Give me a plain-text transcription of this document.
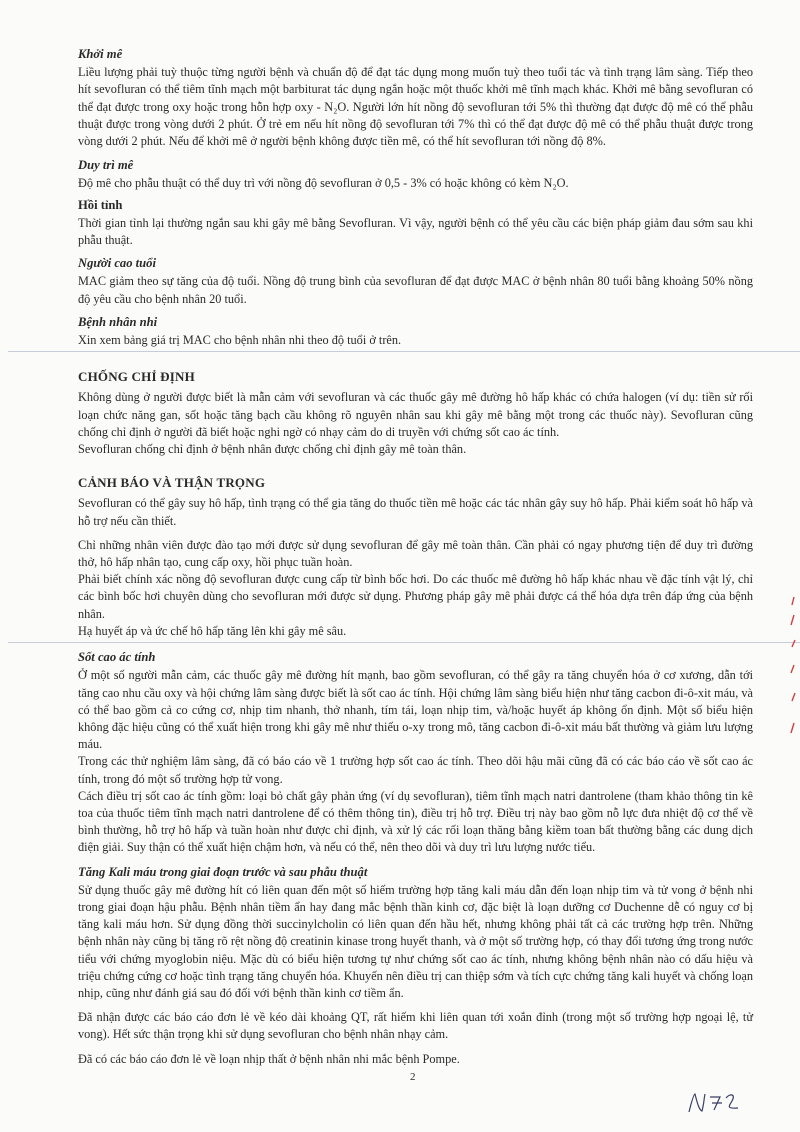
Khởi mê

Liều lượng phải tuỳ thuộc từng người bệnh và chuẩn độ để đạt tác dụng mong muốn tuỳ theo tuổi tác và tình trạng lâm sàng. Tiếp theo hít sevofluran có thể tiêm tĩnh mạch một barbiturat tác dụng ngắn hoặc một thuốc khởi mê tĩnh mạch khác. Khởi mê bằng sevofluran có thể đạt được trong oxy hoặc trong hỗn hợp oxy - N₂O. Người lớn hít nồng độ sevofluran tới 5% thì thường đạt được độ mê có thể phẫu thuật được trong vòng dưới 2 phút. Ở trẻ em nếu hít nồng độ sevofluran tới 7% thì có thể đạt được độ mê có thể phẫu thuật được trong vòng dưới 2 phút. Nếu để khởi mê ở người bệnh không được tiền mê, có thể hít sevofluran tới nồng độ 8%.

Duy trì mê

Độ mê cho phẫu thuật có thể duy trì với nồng độ sevofluran ở 0,5 - 3% có hoặc không có kèm N₂O.

Hồi tỉnh

Thời gian tỉnh lại thường ngắn sau khi gây mê bằng Sevofluran. Vì vậy, người bệnh có thể yêu cầu các biện pháp giảm đau sớm sau khi phẫu thuật.

Người cao tuổi

MAC giảm theo sự tăng của độ tuổi. Nồng độ trung bình của sevofluran để đạt được MAC ở bệnh nhân 80 tuổi bằng khoảng 50% nồng độ yêu cầu cho bệnh nhân 20 tuổi.

Bệnh nhân nhi

Xin xem bảng giá trị MAC cho bệnh nhân nhi theo độ tuổi ở trên.

CHỐNG CHỈ ĐỊNH

Không dùng ở người được biết là mẫn cảm với sevofluran và các thuốc gây mê đường hô hấp khác có chứa halogen (ví dụ: tiền sử rối loạn chức năng gan, sốt hoặc tăng bạch cầu không rõ nguyên nhân sau khi gây mê bằng một trong các thuốc này). Sevofluran cũng chống chỉ định ở người đã biết hoặc nghi ngờ có nhạy cảm do di truyền với chứng sốt cao ác tính.

Sevofluran chống chỉ định ở bệnh nhân được chống chỉ định gây mê toàn thân.

CẢNH BÁO VÀ THẬN TRỌNG

Sevofluran có thể gây suy hô hấp, tình trạng có thể gia tăng do thuốc tiền mê hoặc các tác nhân gây suy hô hấp. Phải kiểm soát hô hấp và hỗ trợ nếu cần thiết.

Chỉ những nhân viên được đào tạo mới được sử dụng sevofluran để gây mê toàn thân. Cần phải có ngay phương tiện để duy trì đường thở, hô hấp nhân tạo, cung cấp oxy, hồi phục tuần hoàn.

Phải biết chính xác nồng độ sevofluran được cung cấp từ bình bốc hơi. Do các thuốc mê đường hô hấp khác nhau về đặc tính vật lý, chỉ các bình bốc hơi chuyên dùng cho sevofluran mới được sử dụng. Phương pháp gây mê phải được cá thể hóa dựa trên đáp ứng của bệnh nhân.

Hạ huyết áp và ức chế hô hấp tăng lên khi gây mê sâu.

Sốt cao ác tính

Ở một số người mẫn cảm, các thuốc gây mê đường hít mạnh, bao gồm sevofluran, có thể gây ra tăng chuyển hóa ở cơ xương, dẫn tới tăng cao nhu cầu oxy và hội chứng lâm sàng được biết là sốt cao ác tính. Hội chứng lâm sàng biểu hiện như tăng cacbon đi-ô-xit máu, và có thể bao gồm cả co cứng cơ, nhịp tim nhanh, thở nhanh, tím tái, loạn nhịp tim, và/hoặc huyết áp không ổn định. Một số biểu hiện không đặc hiệu cũng có thể xuất hiện trong khi gây mê như thiếu o-xy trong mô, tăng cacbon đi-ô-xit máu bất thường và giảm lưu lượng máu.

Trong các thử nghiệm lâm sàng, đã có báo cáo về 1 trường hợp sốt cao ác tính. Theo dõi hậu mãi cũng đã có các báo cáo về sốt cao ác tính, trong đó một số trường hợp tử vong.

Cách điều trị sốt cao ác tính gồm: loại bỏ chất gây phản ứng (ví dụ sevofluran), tiêm tĩnh mạch natri dantrolene (tham khảo thông tin kê toa của thuốc tiêm tĩnh mạch natri dantrolene để có thêm thông tin), điều trị hỗ trợ. Điều trị này bao gồm nỗ lực đưa nhiệt độ cơ thể về bình thường, hỗ trợ hô hấp và tuần hoàn như được chỉ định, và xử lý các rối loạn thăng bằng kiềm toan bất thường bằng các dung dịch điện giải. Suy thận có thể xuất hiện chậm hơn, và nếu có thể, nên theo dõi và duy trì lưu lượng nước tiểu.

Tăng Kali máu trong giai đoạn trước và sau phẫu thuật

Sử dụng thuốc gây mê đường hít có liên quan đến một số hiếm trường hợp tăng kali máu dẫn đến loạn nhịp tim và tử vong ở bệnh nhi trong giai đoạn hậu phẫu. Bệnh nhân tiềm ẩn hay đang mắc bệnh thần kinh cơ, đặc biệt là loạn dưỡng cơ Duchenne dễ có nguy cơ bị tăng kali máu hơn. Sử dụng đồng thời succinylcholin có liên quan đến hầu hết, nhưng không phải tất cả các trường hợp trên. Những bệnh nhân này cũng bị tăng rõ rệt nồng độ creatinin kinase trong huyết thanh, và ở một số trường hợp, có thay đổi tương ứng trong nước tiểu với chứng myoglobin niệu. Mặc dù có biểu hiện tương tự như chứng sốt cao ác tính, nhưng không bệnh nhân nào có dấu hiệu và triệu chứng cứng cơ hoặc tình trạng tăng chuyển hóa. Khuyến nên điều trị can thiệp sớm và tích cực chứng tăng kali huyết và chống loạn nhịp, cũng như đánh giá sau đó đối với bệnh thần kinh cơ tiềm ẩn.

Đã nhận được các báo cáo đơn lẻ về kéo dài khoảng QT, rất hiếm khi liên quan tới xoắn đỉnh (trong một số trường hợp ngoại lệ, tử vong). Hết sức thận trọng khi sử dụng sevofluran cho bệnh nhân nhạy cảm.

Đã có các báo cáo đơn lẻ về loạn nhịp thất ở bệnh nhân nhi mắc bệnh Pompe.

2
